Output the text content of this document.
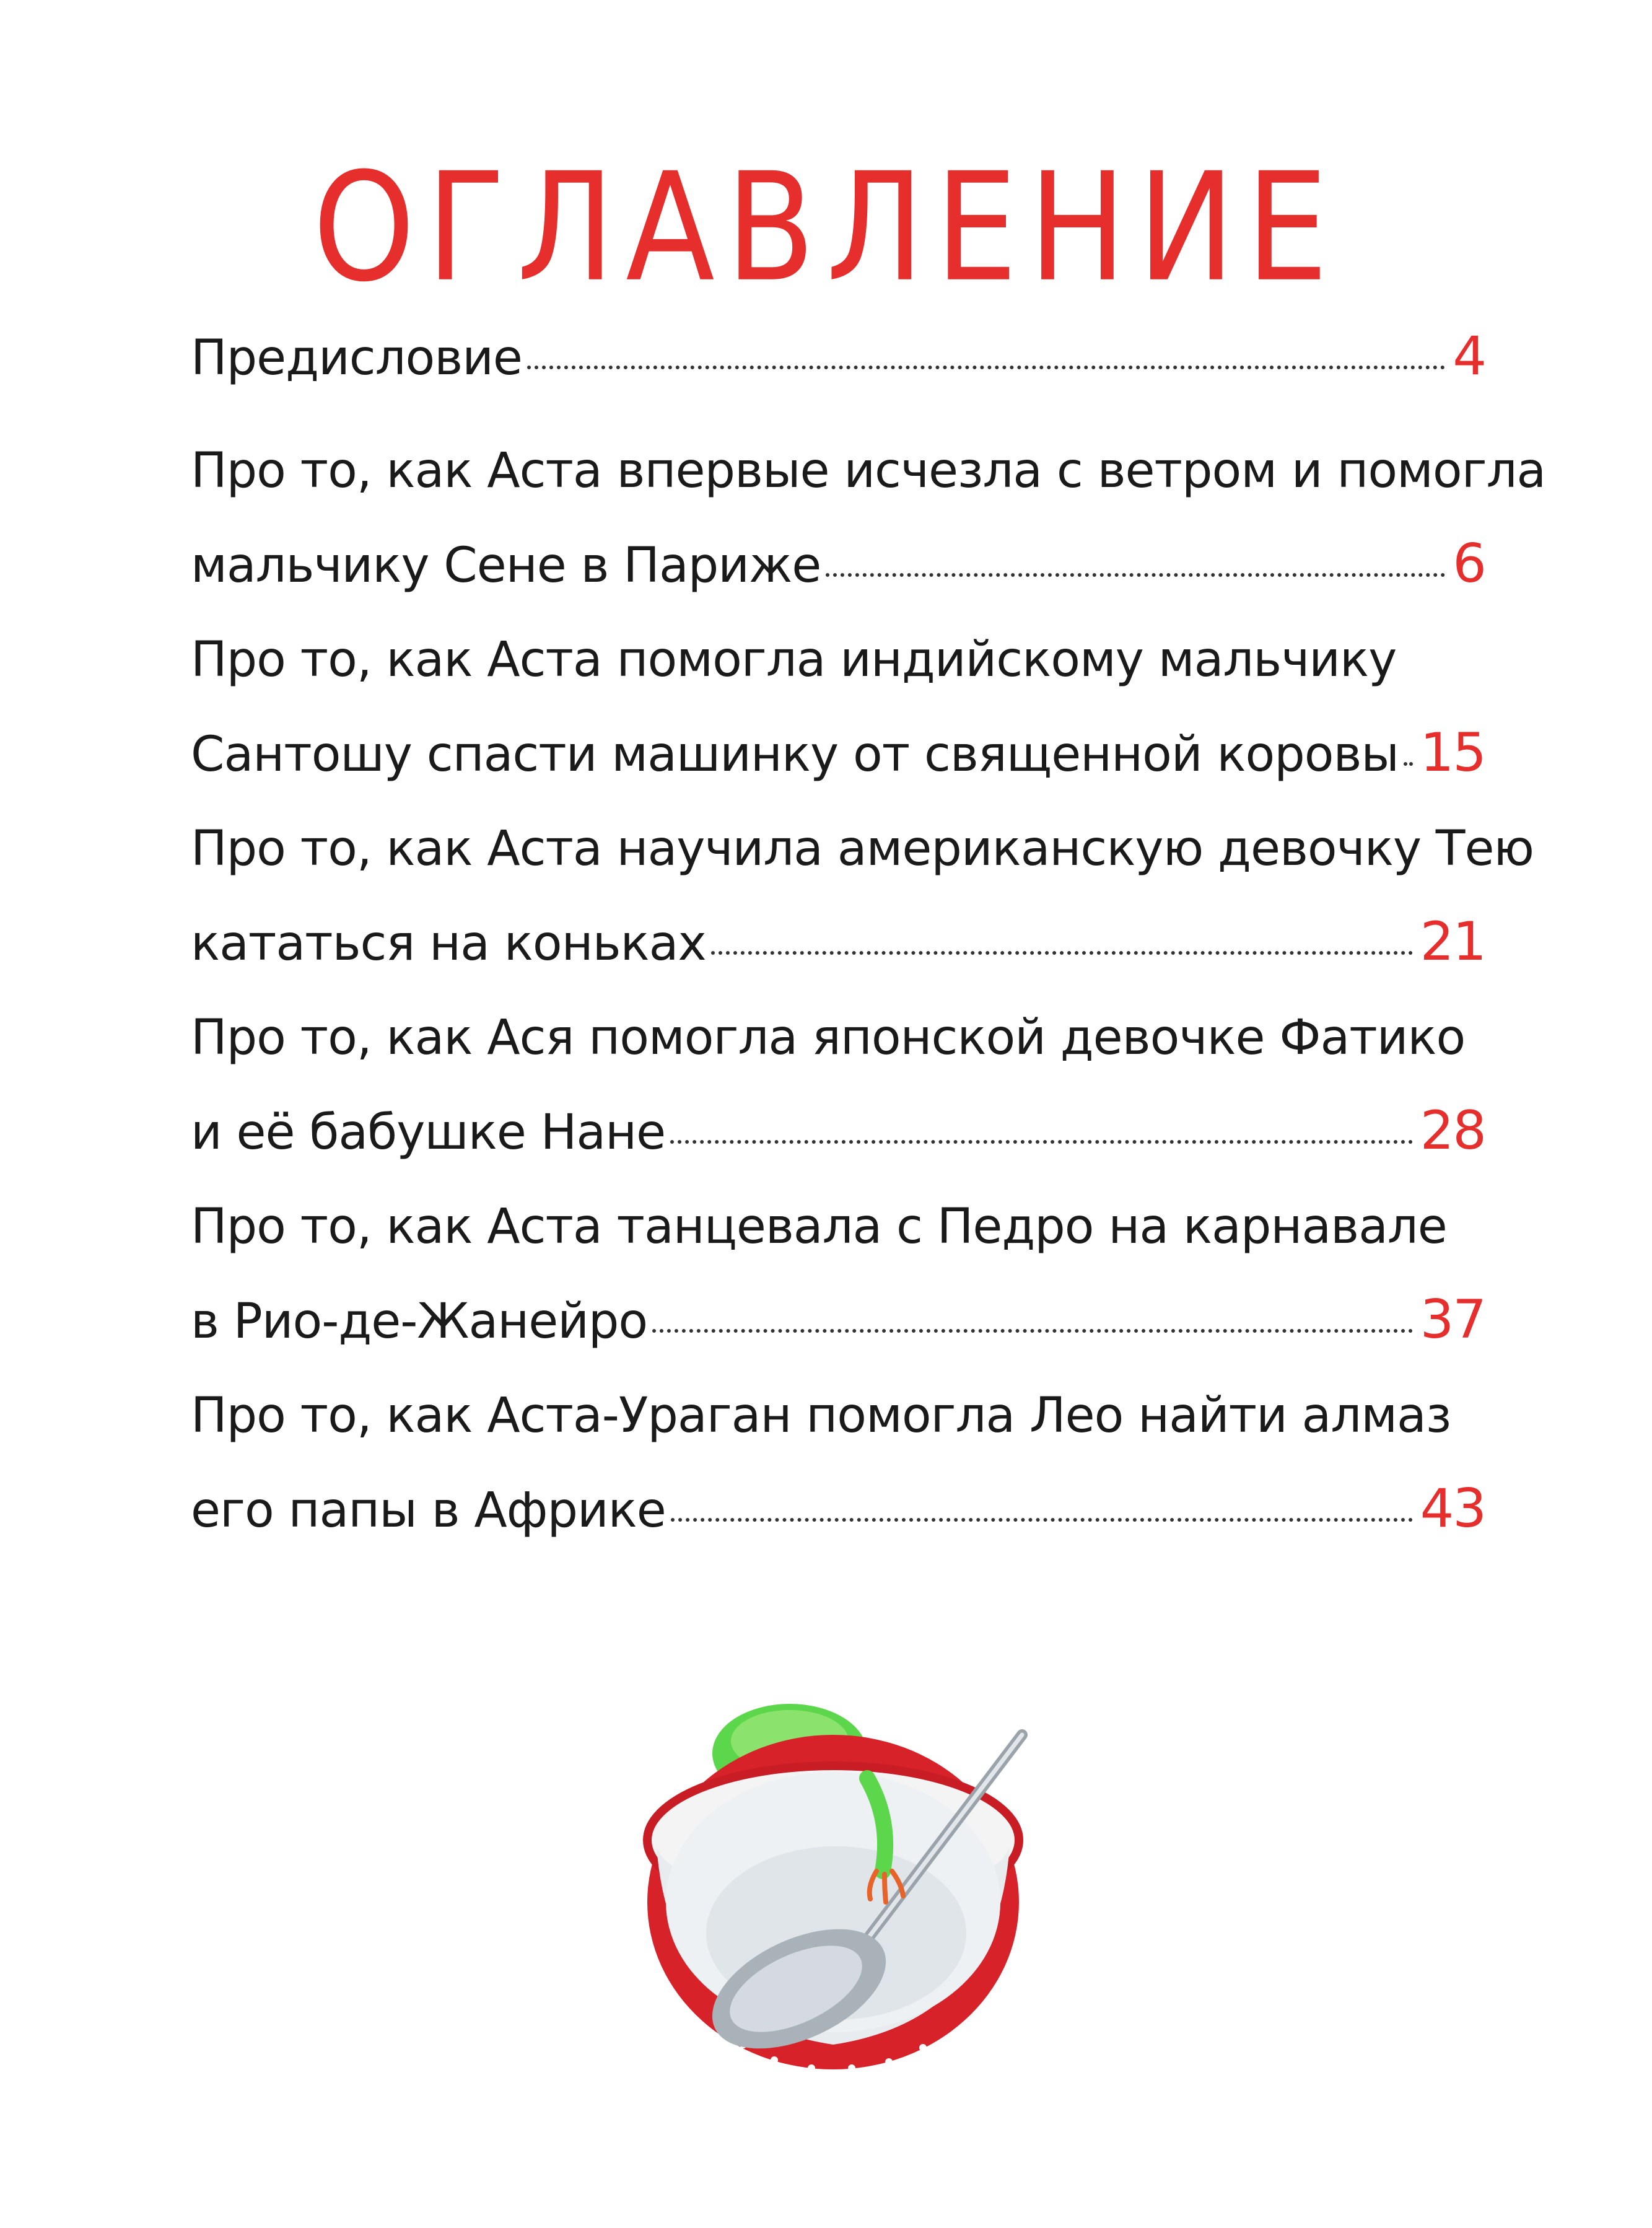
ОГЛАВЛЕНИЕ
Предисловие	4
Про то, как Аста впервые исчезла с ветром и помогла
мальчику Сене в Париже	6
Про то, как Аста помогла индийскому мальчику
Сантошу спасти машинку от священной коровы 15
Про то, как Аста научила американскую девочку Тею
кататься на коньках	21
Про то, как Ася помогла японской девочке Фатико
и её бабушке Нане	28
Про то, как Аста танцевала с Педро на карнавале
в Рио-де-Жанейро	37
Про то, как Аста-Ураган помогла Лео найти алмаз
его папы в Африке	43
